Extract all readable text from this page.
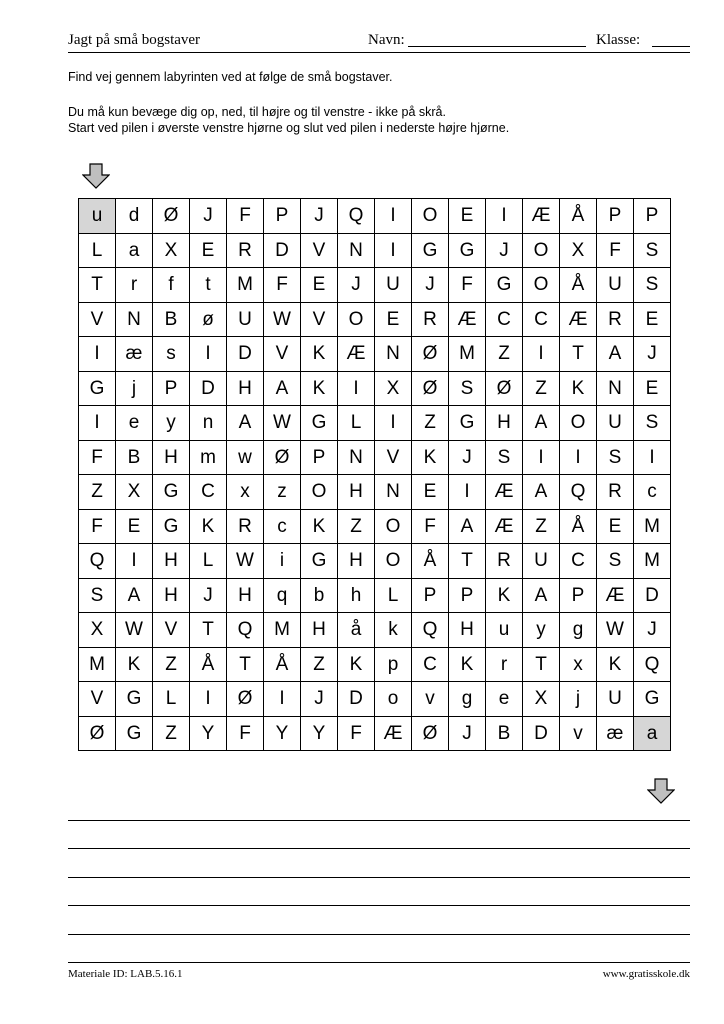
Jagt på små bogstaver	Navn:	Klasse:
Find vej gennem labyrinten ved at følge de små bogstaver.
Du må kun bevæge dig op, ned, til højre og til venstre - ikke på skrå.
Start ved pilen i øverste venstre hjørne og slut ved pilen i nederste højre hjørne.
u	d	Ø	J	F	P	J	Q	I	O	E	I	Æ	Å	P	P
L	a	X	E	R	D	V	N	I	G	G	J	O	X	F	S
T	r	f	t	M	F	E	J	U	J	F	G	O	Å	U	S
V	N	B	ø	U	W	V	O	E	R	Æ	C	C	Æ	R	E
I	æ	s	I	D	V	K	Æ	N	Ø	M	Z	I	T	A	J
G	j	P	D	H	A	K	I	X	Ø	S	Ø	Z	K	N	E
I	e	y	n	A	W	G	L	I	Z	G	H	A	O	U	S
F	B	H	m	w	Ø	P	N	V	K	J	S	I	I	S	I
Z	X	G	C	x	z	O	H	N	E	I	Æ	A	Q	R	c
F	E	G	K	R	c	K	Z	O	F	A	Æ	Z	Å	E	M
Q	I	H	L	W	i	G	H	O	Å	T	R	U	C	S	M
S	A	H	J	H	q	b	h	L	P	P	K	A	P	Æ	D
X	W	V	T	Q	M	H	å	k	Q	H	u	y	g	W	J
M	K	Z	Å	T	Å	Z	K	p	C	K	r	T	x	K	Q
V	G	L	I	Ø	I	J	D	o	v	g	e	X	j	U	G
Ø	G	Z	Y	F	Y	Y	F	Æ	Ø	J	B	D	v	æ	a
Materiale ID: LAB.5.16.1	www.gratisskole.dk
